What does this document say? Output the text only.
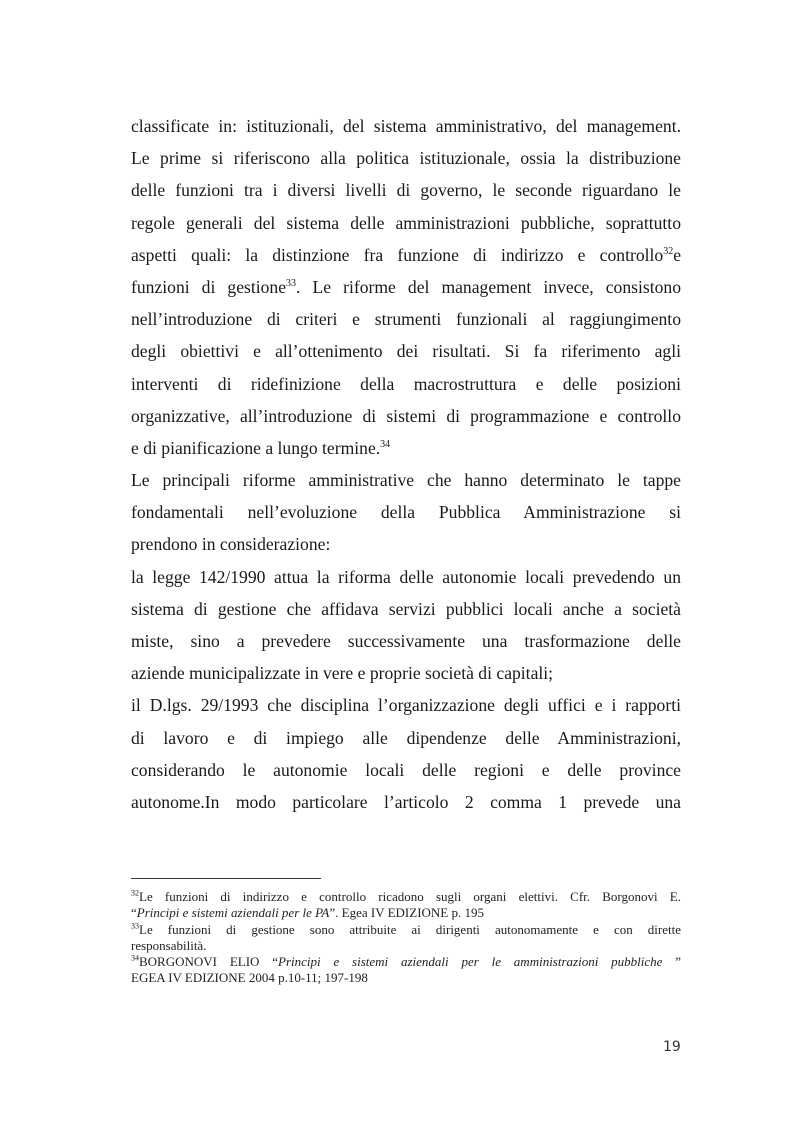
classificate in: istituzionali, del sistema amministrativo, del management.
Le prime si riferiscono alla politica istituzionale, ossia la distribuzione
delle funzioni tra i diversi livelli di governo, le seconde riguardano le
regole generali del sistema delle amministrazioni pubbliche, soprattutto
aspetti quali: la distinzione fra funzione di indirizzo e controllo$^{32}$e
funzioni di gestione$^{33}$. Le riforme del management invece, consistono
nell’introduzione di criteri e strumenti funzionali al raggiungimento
degli obiettivi e all’ottenimento dei risultati. Si fa riferimento agli
interventi di ridefinizione della macrostruttura e delle posizioni
organizzative, all’introduzione di sistemi di programmazione e controllo
e di pianificazione a lungo termine.$^{34}$
Le principali riforme amministrative che hanno determinato le tappe
fondamentali nell’evoluzione della Pubblica Amministrazione si
prendono in considerazione:
la legge 142/1990 attua la riforma delle autonomie locali prevedendo un
sistema di gestione che affidava servizi pubblici locali anche a società
miste, sino a prevedere successivamente una trasformazione delle
aziende municipalizzate in vere e proprie società di capitali;
il D.lgs. 29/1993 che disciplina l’organizzazione degli uffici e i rapporti
di lavoro e di impiego alle dipendenze delle Amministrazioni,
considerando le autonomie locali delle regioni e delle province
autonome.In modo particolare l’articolo 2 comma 1 prevede una
$^{32}$Le funzioni di indirizzo e controllo ricadono sugli organi elettivi. Cfr. Borgonovi E.
“Principi e sistemi aziendali per le PA”. Egea IV EDIZIONE p. 195
$^{33}$Le funzioni di gestione sono attribuite ai dirigenti autonomamente e con dirette
responsabilità.
$^{34}$BORGONOVI ELIO “Principi e sistemi aziendali per le amministrazioni pubbliche ”
EGEA IV EDIZIONE 2004 p.10-11; 197-198
19
